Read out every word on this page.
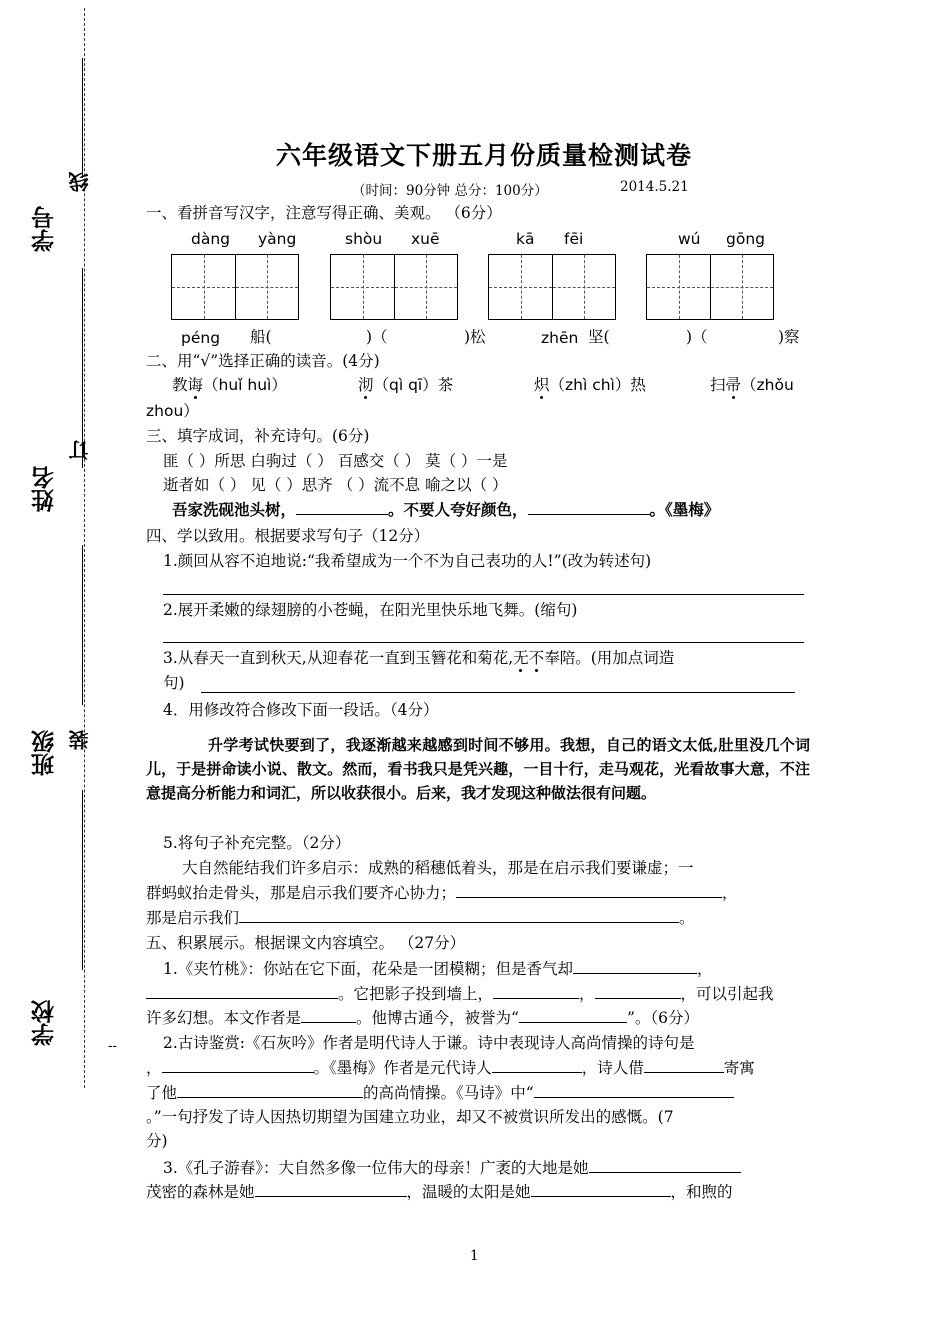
学号
姓名
班级
学校
线
订
装
--
六年级语文下册五月份质量检测试卷
（时间：90分钟 总分：100分）	2014.5.21
一、看拼音写汉字，注意写得正确、美观。 （6分）
dàng yàng	shòu xuē	kā fēi	wú gōng
péng 船(	)（	)松	zhēn 坚(	)（	)察
二、用“√”选择正确的读音。(4分)
教诲（huǐ huì）	沏（qì qī）茶	炽（zhì chì）热	扫帚（zhǒu
zhou）
三、填字成词，补充诗句。(6分)
匪（ ）所思 白驹过（ ） 百感交（ ） 莫（ ）一是
逝者如（ ） 见（ ）思齐 （ ）流不息 喻之以（ ）
吾家洗砚池头树，	。不要人夸好颜色，	。《墨梅》
四、学以致用。根据要求写句子（12分）
1.颜回从容不迫地说:“我希望成为一个不为自己表功的人!”(改为转述句)
2.展开柔嫩的绿翅膀的小苍蝇，在阳光里快乐地飞舞。(缩句)
3.从春天一直到秋天,从迎春花一直到玉簪花和菊花,无不奉陪。(用加点词造
句)
4．用修改符合修改下面一段话。（4分）
升学考试快要到了，我逐渐越来越感到时间不够用。我想，自己的语文太低,肚里没几个词儿，于是拼命读小说、散文。然而，看书我只是凭兴趣，一目十行，走马观花，光看故事大意，不注意提高分析能力和词汇，所以收获很小。后来，我才发现这种做法很有问题。
5.将句子补充完整。（2分）
大自然能结我们许多启示：成熟的稻穗低着头，那是在启示我们要谦虚；一
群蚂蚁抬走骨头，那是启示我们要齐心协力；	，
那是启示我们	。
五、积累展示。根据课文内容填空。 （27分）
1.《夹竹桃》：你站在它下面，花朵是一团模糊；但是香气却	，
。它把影子投到墙上，	，	，可以引起我
许多幻想。本文作者是	。他博古通今，被誉为“	”。（6分）
2.古诗鉴赏:《石灰吟》作者是明代诗人于谦。诗中表现诗人高尚情操的诗句是
，	。《墨梅》作者是元代诗人	，诗人借	寄寓
了他	的高尚情操。《马诗》中“
。”一句抒发了诗人因热切期望为国建立功业，却又不被赏识所发出的感慨。(7
分)
3.《孔子游春》：大自然多像一位伟大的母亲！广袤的大地是她
茂密的森林是她	，温暖的太阳是她	，和煦的
1
